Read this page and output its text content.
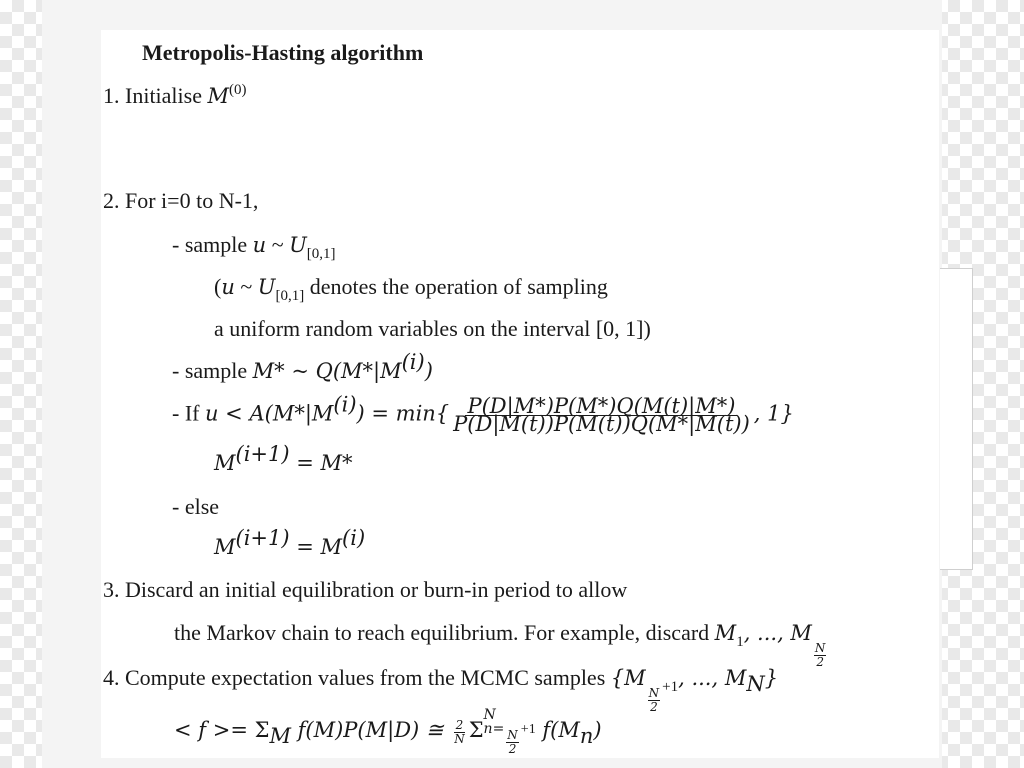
Metropolis-Hasting algorithm
1. Initialise $M^{(0)}$
2. For i=0 to N-1,
- sample u ~ $U_{[0,1]}$
(u ~ $U_{[0,1]}$ denotes the operation of sampling
a uniform random variables on the interval [0, 1])
- sample M* ~ $Q(M*|M^{(i)})$
- If $u < A(M*|M^{(i)}) = \min\{ \frac{P(D|M*)P(M*)Q(M(t)|M*)}{P(D|M(t))P(M(t))Q(M*|M(t))}$ , 1}
$M^{(i+1)} = M*$
- else
$M^{(i+1)} = M^{(i)}$
3. Discard an initial equilibration or burn-in period to allow
the Markov chain to reach equilibrium. For example, discard $M_1$, ..., M
$\frac{N}{2}$
4. Compute expectation values from the MCMC samples {M
$\frac{N}{2} _{+1}$, ..., $M_N$}
< $f >= \Sigma_M$ f(M)P(M|D) ≅ $\frac{2}{N}$ Σ
N
$n= \frac{N}{2} +1$ $f(M_n)$
